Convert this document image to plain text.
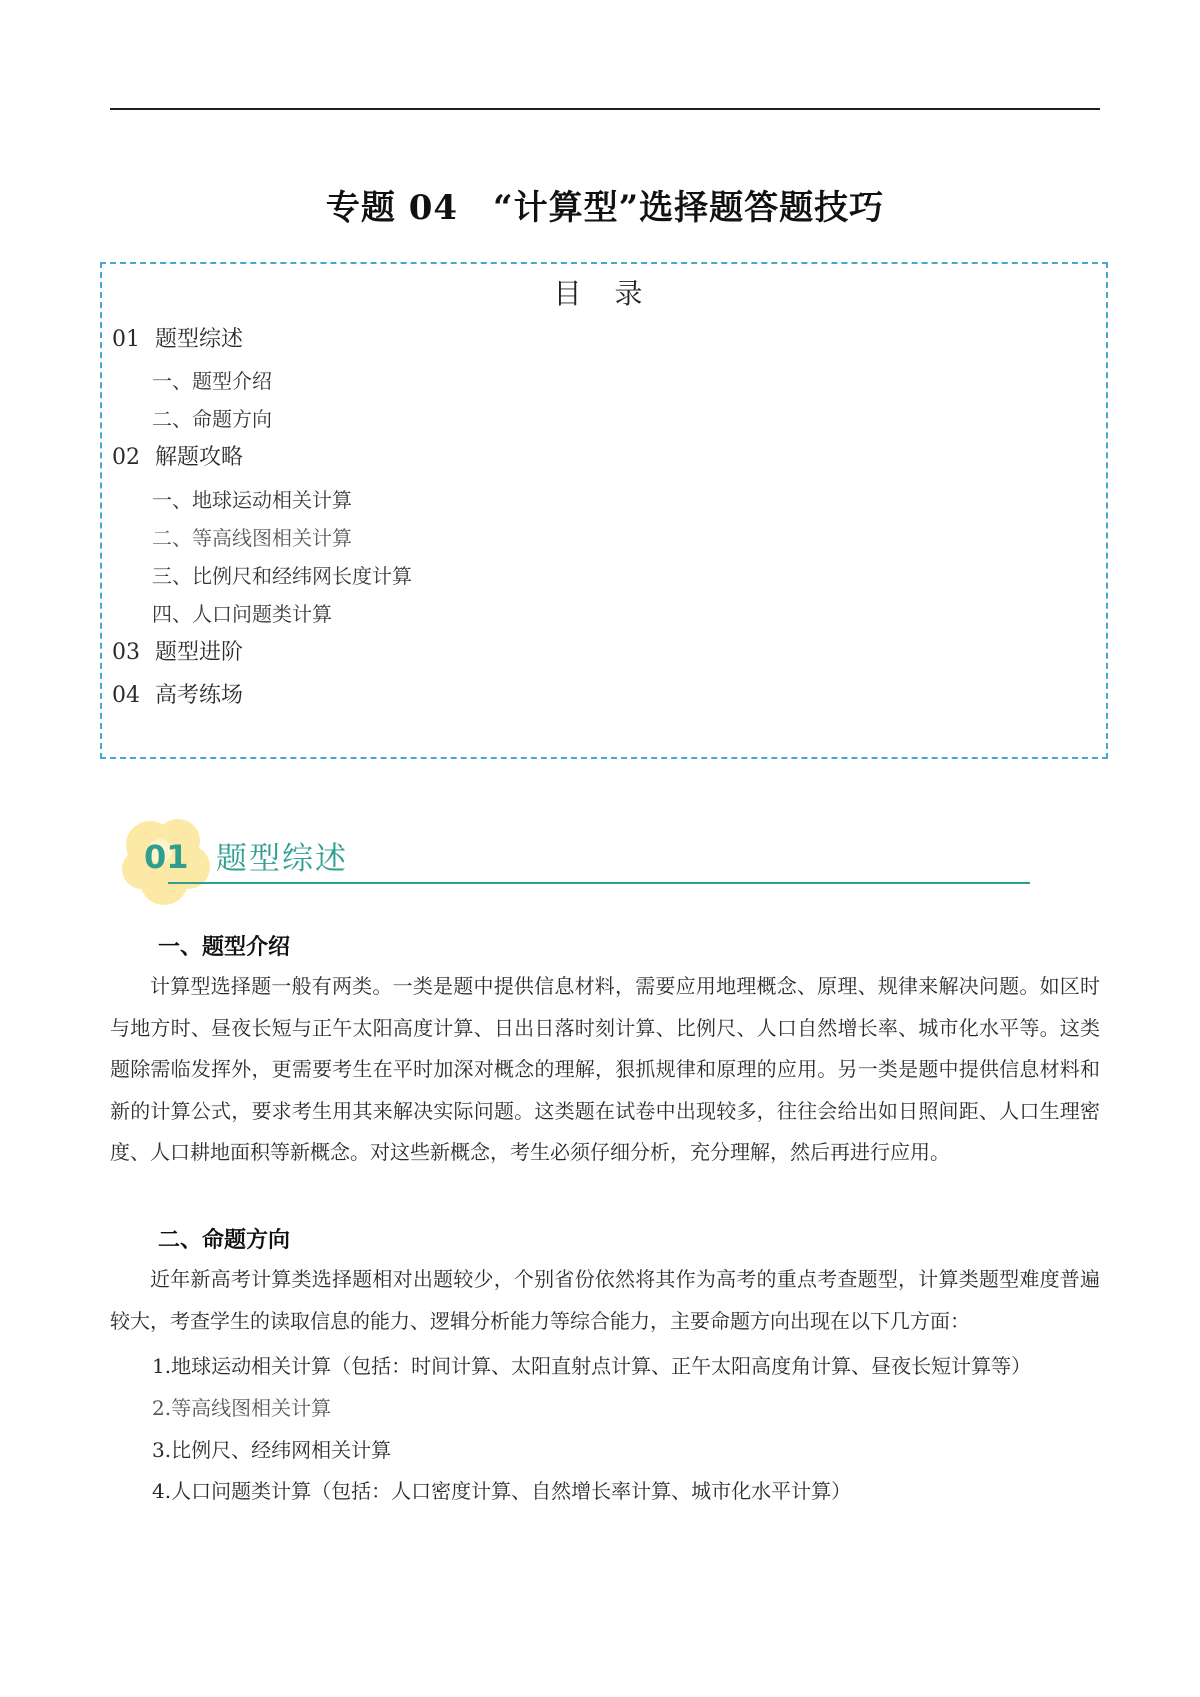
专题 04　“计算型”选择题答题技巧
目 录
01 题型综述
一、题型介绍
二、命题方向
02 解题攻略
一、地球运动相关计算
二、等高线图相关计算
三、比例尺和经纬网长度计算
四、人口问题类计算
03 题型进阶
04 高考练场
01 题型综述
一、题型介绍

计算型选择题一般有两类。一类是题中提供信息材料，需要应用地理概念、原理、规律来解决问题。如区时与地方时、昼夜长短与正午太阳高度计算、日出日落时刻计算、比例尺、人口自然增长率、城市化水平等。这类题除需临发挥外，更需要考生在平时加深对概念的理解，狠抓规律和原理的应用。另一类是题中提供信息材料和新的计算公式，要求考生用其来解决实际问题。这类题在试卷中出现较多，往往会给出如日照间距、人口生理密度、人口耕地面积等新概念。对这些新概念，考生必须仔细分析，充分理解，然后再进行应用。

二、命题方向

近年新高考计算类选择题相对出题较少，个别省份依然将其作为高考的重点考查题型，计算类题型难度普遍较大，考查学生的读取信息的能力、逻辑分析能力等综合能力，主要命题方向出现在以下几方面：

1.地球运动相关计算（包括：时间计算、太阳直射点计算、正午太阳高度角计算、昼夜长短计算等）
2.等高线图相关计算
3.比例尺、经纬网相关计算
4.人口问题类计算（包括：人口密度计算、自然增长率计算、城市化水平计算）
